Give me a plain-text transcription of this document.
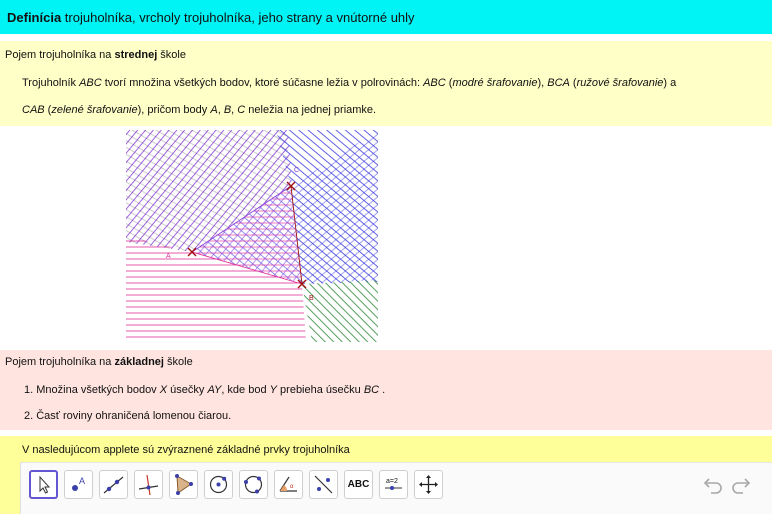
Definícia trojuholníka, vrcholy trojuholníka, jeho strany a vnútorné uhly
Pojem trojuholníka na strednej škole
Trojuholník ABC tvorí množina všetkých bodov, ktoré súčasne ležia v polrovinách: ABC (modré šrafovanie), BCA (ružové šrafovanie) a
CAB (zelené šrafovanie), pričom body A, B, C neležia na jednej priamke.
A
B
C
Pojem trojuholníka na základnej škole
1. Množina všetkých bodov X úsečky AY, kde bod Y prebieha úsečku BC .
2. Časť roviny ohraničená lomenou čiarou.
V nasledujúcom applete sú zvýraznené základné prvky trojuholníka
A
α	ABC	a=2
